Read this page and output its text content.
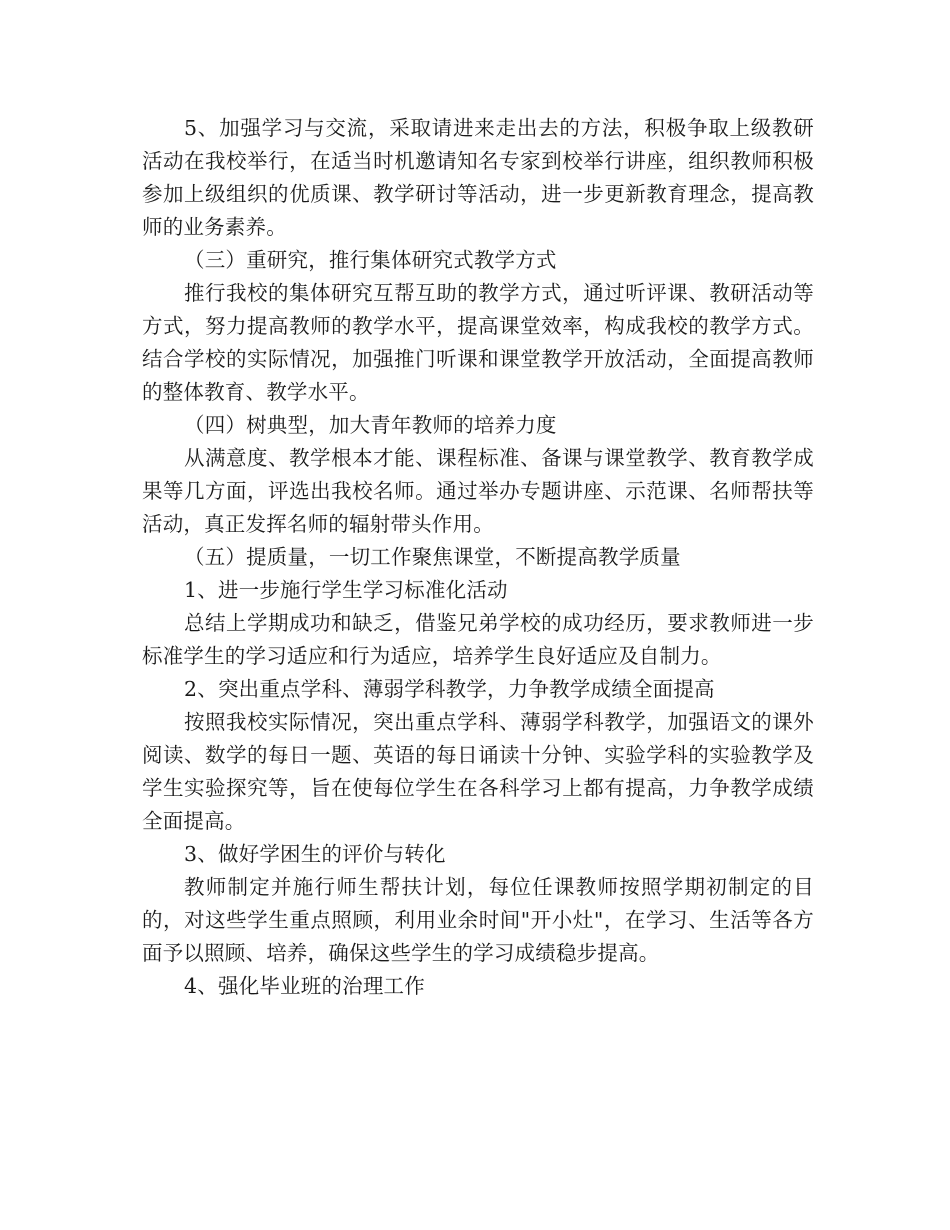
5、加强学习与交流，采取请进来走出去的方法，积极争取上级教研活动在我校举行，在适当时机邀请知名专家到校举行讲座，组织教师积极参加上级组织的优质课、教学研讨等活动，进一步更新教育理念，提高教师的业务素养。

（三）重研究，推行集体研究式教学方式

推行我校的集体研究互帮互助的教学方式，通过听评课、教研活动等方式，努力提高教师的教学水平，提高课堂效率，构成我校的教学方式。结合学校的实际情况，加强推门听课和课堂教学开放活动，全面提高教师的整体教育、教学水平。

（四）树典型，加大青年教师的培养力度

从满意度、教学根本才能、课程标准、备课与课堂教学、教育教学成果等几方面，评选出我校名师。通过举办专题讲座、示范课、名师帮扶等活动，真正发挥名师的辐射带头作用。

（五）提质量，一切工作聚焦课堂，不断提高教学质量

1、进一步施行学生学习标准化活动

总结上学期成功和缺乏，借鉴兄弟学校的成功经历，要求教师进一步标准学生的学习适应和行为适应，培养学生良好适应及自制力。

2、突出重点学科、薄弱学科教学，力争教学成绩全面提高

按照我校实际情况，突出重点学科、薄弱学科教学，加强语文的课外阅读、数学的每日一题、英语的每日诵读十分钟、实验学科的实验教学及学生实验探究等，旨在使每位学生在各科学习上都有提高，力争教学成绩全面提高。

3、做好学困生的评价与转化

教师制定并施行师生帮扶计划，每位任课教师按照学期初制定的目的，对这些学生重点照顾，利用业余时间"开小灶"，在学习、生活等各方面予以照顾、培养，确保这些学生的学习成绩稳步提高。

4、强化毕业班的治理工作
